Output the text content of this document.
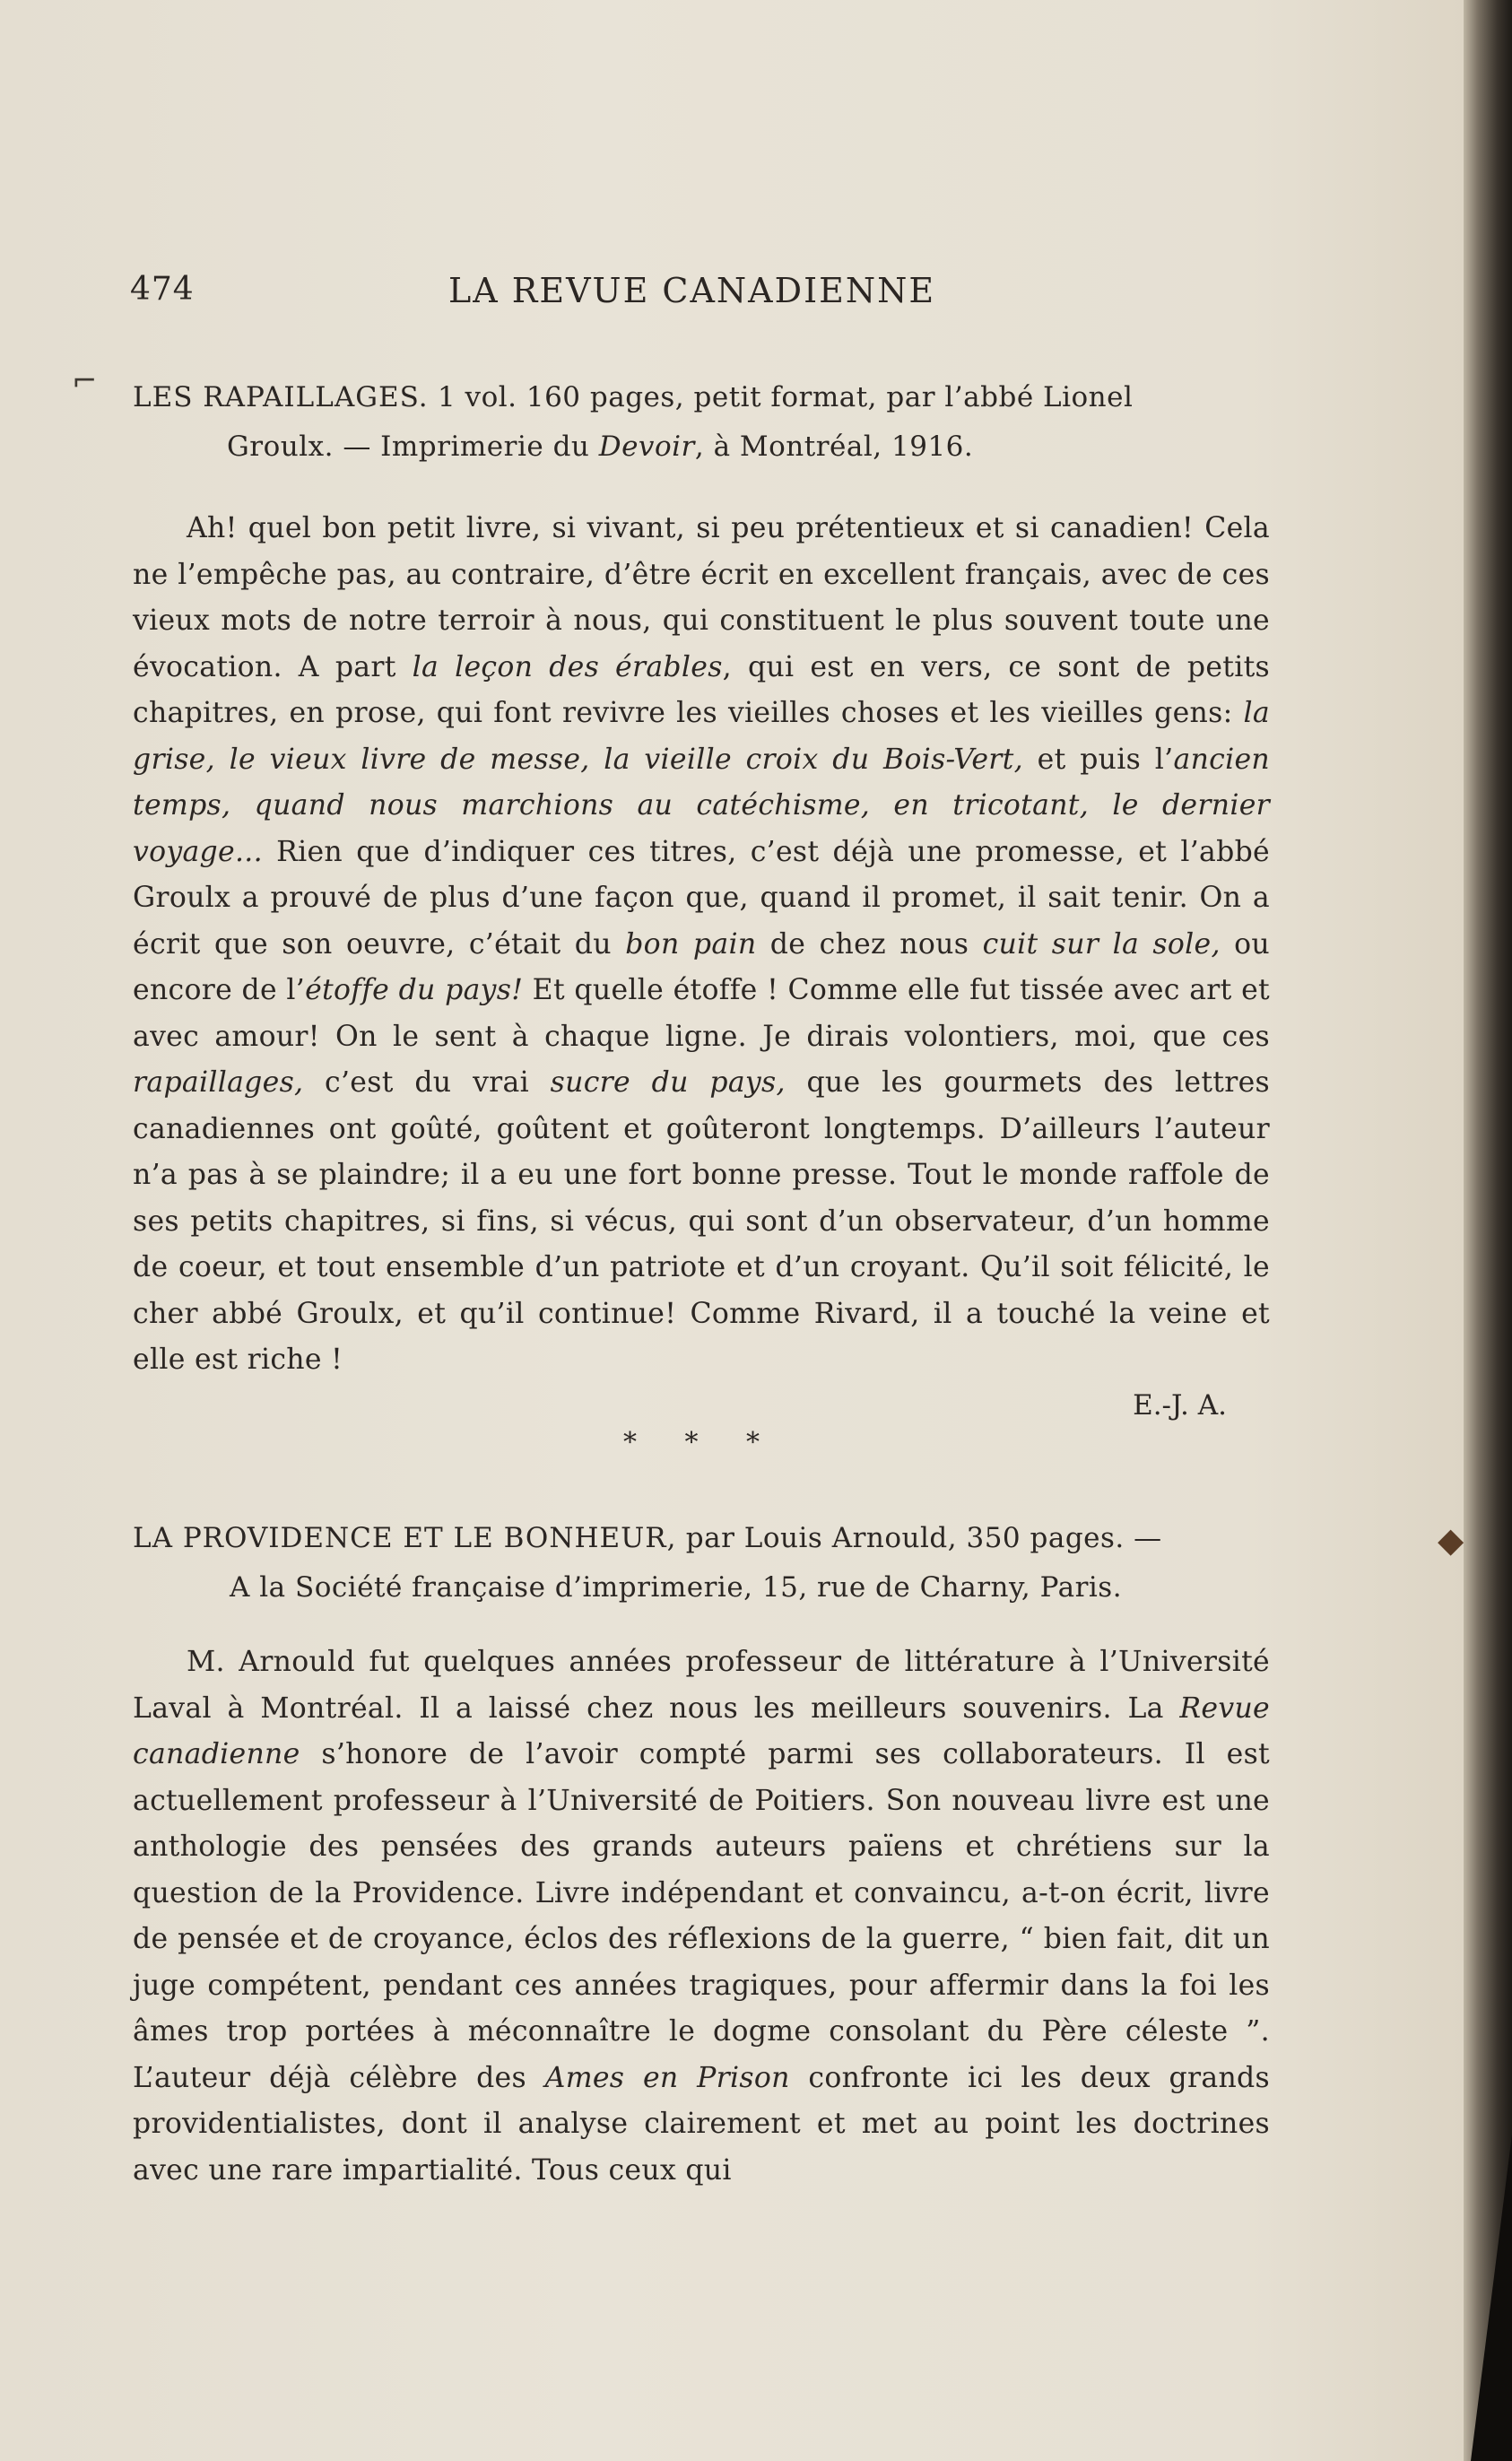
⌐
◆
474	LA REVUE CANADIENNE
LES RAPAILLAGES. 1 vol. 160 pages, petit format, par l’abbé Lionel
Groulx. — Imprimerie du Devoir, à Montréal, 1916.

Ah! quel bon petit livre, si vivant, si peu prétentieux et si canadien! Cela ne l’empêche pas, au contraire, d’être écrit en excellent français, avec de ces vieux mots de notre terroir à nous, qui constituent le plus souvent toute une évocation. A part la leçon des érables, qui est en vers, ce sont de petits chapitres, en prose, qui font revivre les vieilles choses et les vieilles gens: la grise, le vieux livre de messe, la vieille croix du Bois-Vert, et puis l’ancien temps, quand nous marchions au catéchisme, en tricotant, le dernier voyage... Rien que d’indiquer ces titres, c’est déjà une promesse, et l’abbé Groulx a prouvé de plus d’une façon que, quand il promet, il sait tenir. On a écrit que son oeuvre, c’était du bon pain de chez nous cuit sur la sole, ou encore de l’étoffe du pays! Et quelle étoffe ! Comme elle fut tissée avec art et avec amour! On le sent à chaque ligne. Je dirais volontiers, moi, que ces rapaillages, c’est du vrai sucre du pays, que les gourmets des lettres canadiennes ont goûté, goûtent et goûteront longtemps. D’ailleurs l’auteur n’a pas à se plaindre; il a eu une fort bonne presse. Tout le monde raffole de ses petits chapitres, si fins, si vécus, qui sont d’un observateur, d’un homme de coeur, et tout ensemble d’un patriote et d’un croyant. Qu’il soit félicité, le cher abbé Groulx, et qu’il continue! Comme Rivard, il a touché la veine et elle est riche !

E.-J. A.
* * *
LA PROVIDENCE ET LE BONHEUR, par Louis Arnould, 350 pages. —
A la Société française d’imprimerie, 15, rue de Charny, Paris.

M. Arnould fut quelques années professeur de littérature à l’Université Laval à Montréal. Il a laissé chez nous les meilleurs souvenirs. La Revue canadienne s’honore de l’avoir compté parmi ses collaborateurs. Il est actuellement professeur à l’Université de Poitiers. Son nouveau livre est une anthologie des pensées des grands auteurs païens et chrétiens sur la question de la Providence. Livre indépendant et convaincu, a-t-on écrit, livre de pensée et de croyance, éclos des réflexions de la guerre, “ bien fait, dit un juge compétent, pendant ces années tragiques, pour affermir dans la foi les âmes trop portées à méconnaître le dogme consolant du Père céleste ”. L’auteur déjà célèbre des Ames en Prison confronte ici les deux grands providentialistes, dont il analyse clairement et met au point les doctrines avec une rare impartialité. Tous ceux qui
